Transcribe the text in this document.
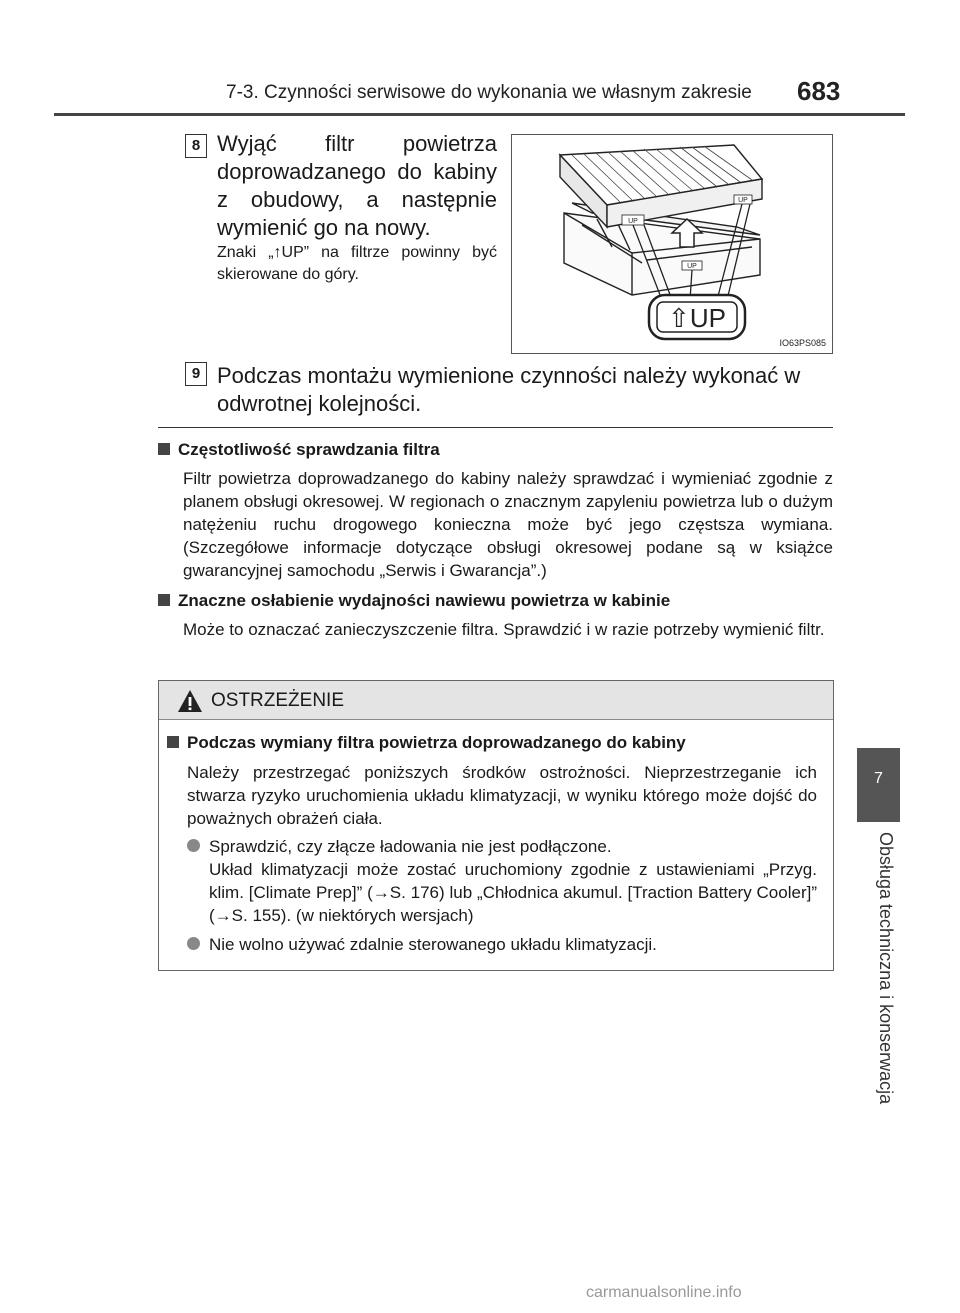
7-3. Czynności serwisowe do wykonania we własnym zakresie 683
7
Obsługa techniczna i konserwacja
8 Wyjąć filtr powietrza doprowadzanego do kabiny z obudowy, a następnie wymienić go na nowy.
Znaki „↑UP” na filtrze powinny być skierowane do góry.
⇧UP
UP
UP
UP
IO63PS085
9 Podczas montażu wymienione czynności należy wykonać w odwrotnej kolejności.
Częstotliwość sprawdzania filtra
Filtr powietrza doprowadzanego do kabiny należy sprawdzać i wymieniać zgodnie z planem obsługi okresowej. W regionach o znacznym zapyleniu powietrza lub o dużym natężeniu ruchu drogowego konieczna może być jego częstsza wymiana. (Szczegółowe informacje dotyczące obsługi okresowej podane są w książce gwarancyjnej samochodu „Serwis i Gwarancja”.)
Znaczne osłabienie wydajności nawiewu powietrza w kabinie
Może to oznaczać zanieczyszczenie filtra. Sprawdzić i w razie potrzeby wymienić filtr.
OSTRZEŻENIE
Podczas wymiany filtra powietrza doprowadzanego do kabiny
Należy przestrzegać poniższych środków ostrożności. Nieprzestrzeganie ich stwarza ryzyko uruchomienia układu klimatyzacji, w wyniku którego może dojść do poważnych obrażeń ciała.
Sprawdzić, czy złącze ładowania nie jest podłączone.
Układ klimatyzacji może zostać uruchomiony zgodnie z ustawieniami „Przyg. klim. [Climate Prep]” (→S. 176) lub „Chłodnica akumul. [Traction Battery Cooler]” (→S. 155). (w niektórych wersjach)
Nie wolno używać zdalnie sterowanego układu klimatyzacji.
carmanualsonline.info
